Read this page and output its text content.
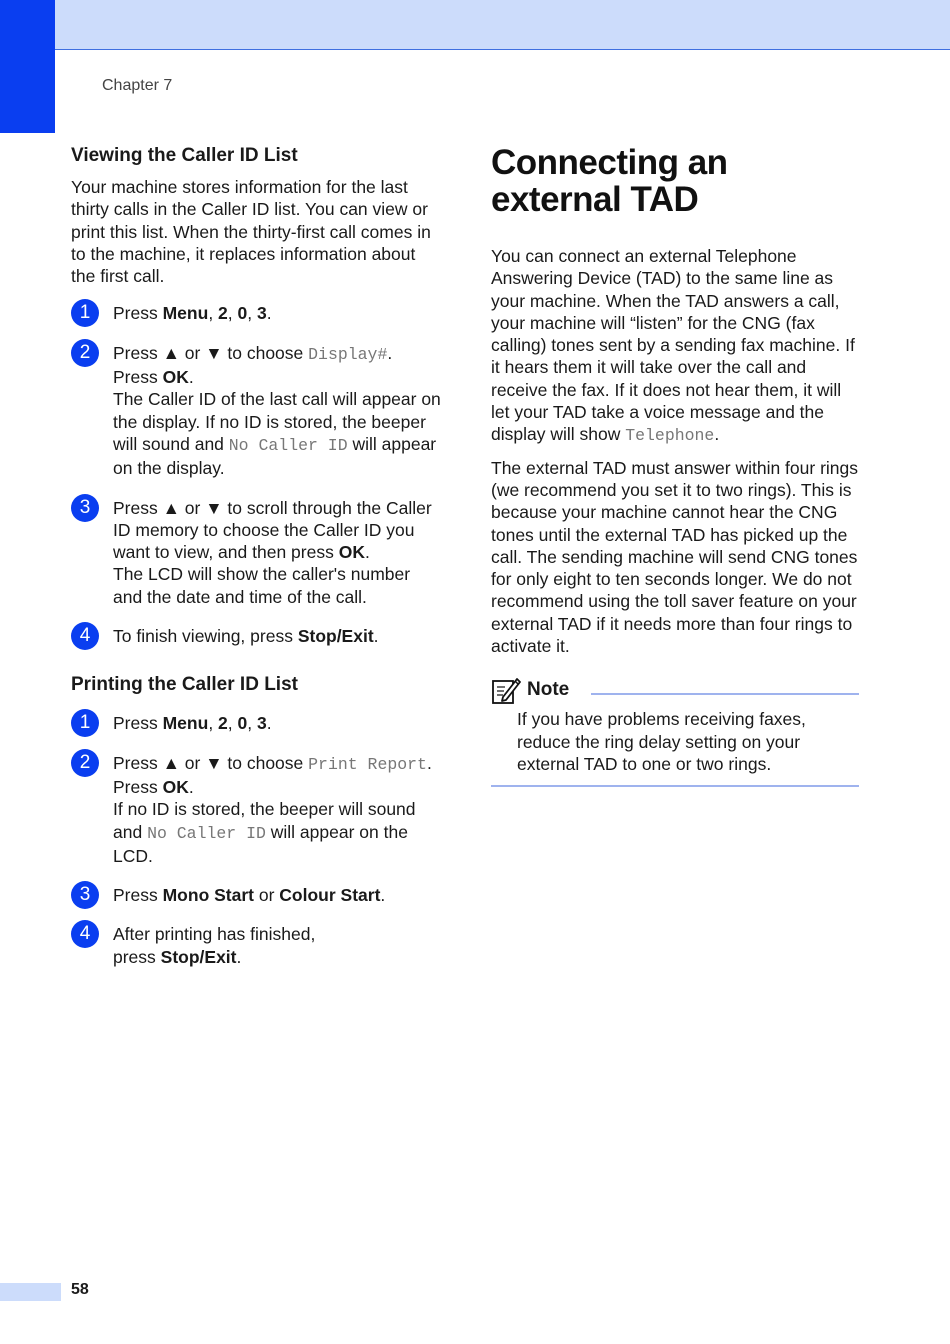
Chapter 7
Viewing the Caller ID List

Your machine stores information for the last thirty calls in the Caller ID list. You can view or print this list. When the thirty-first call comes in to the machine, it replaces information about the first call.

1	Press Menu, 2, 0, 3.

2	Press ▲ or ▼ to choose Display#.
Press OK.
The Caller ID of the last call will appear on the display. If no ID is stored, the beeper will sound and No Caller ID will appear on the display.

3	Press ▲ or ▼ to scroll through the Caller ID memory to choose the Caller ID you want to view, and then press OK.
The LCD will show the caller's number and the date and time of the call.

4	To finish viewing, press Stop/Exit.

Printing the Caller ID List
1	Press Menu, 2, 0, 3.

2	Press ▲ or ▼ to choose Print Report.
Press OK.
If no ID is stored, the beeper will sound and No Caller ID will appear on the LCD.

3	Press Mono Start or Colour Start.

4	After printing has finished,
press Stop/Exit.

Connecting an external TAD

You can connect an external Telephone Answering Device (TAD) to the same line as your machine. When the TAD answers a call, your machine will “listen” for the CNG (fax calling) tones sent by a sending fax machine. If it hears them it will take over the call and receive the fax. If it does not hear them, it will let your TAD take a voice message and the display will show Telephone.

The external TAD must answer within four rings (we recommend you set it to two rings). This is because your machine cannot hear the CNG tones until the external TAD has picked up the call. The sending machine will send CNG tones for only eight to ten seconds longer. We do not recommend using the toll saver feature on your external TAD if it needs more than four rings to activate it.

Note

If you have problems receiving faxes, reduce the ring delay setting on your external TAD to one or two rings.

58
